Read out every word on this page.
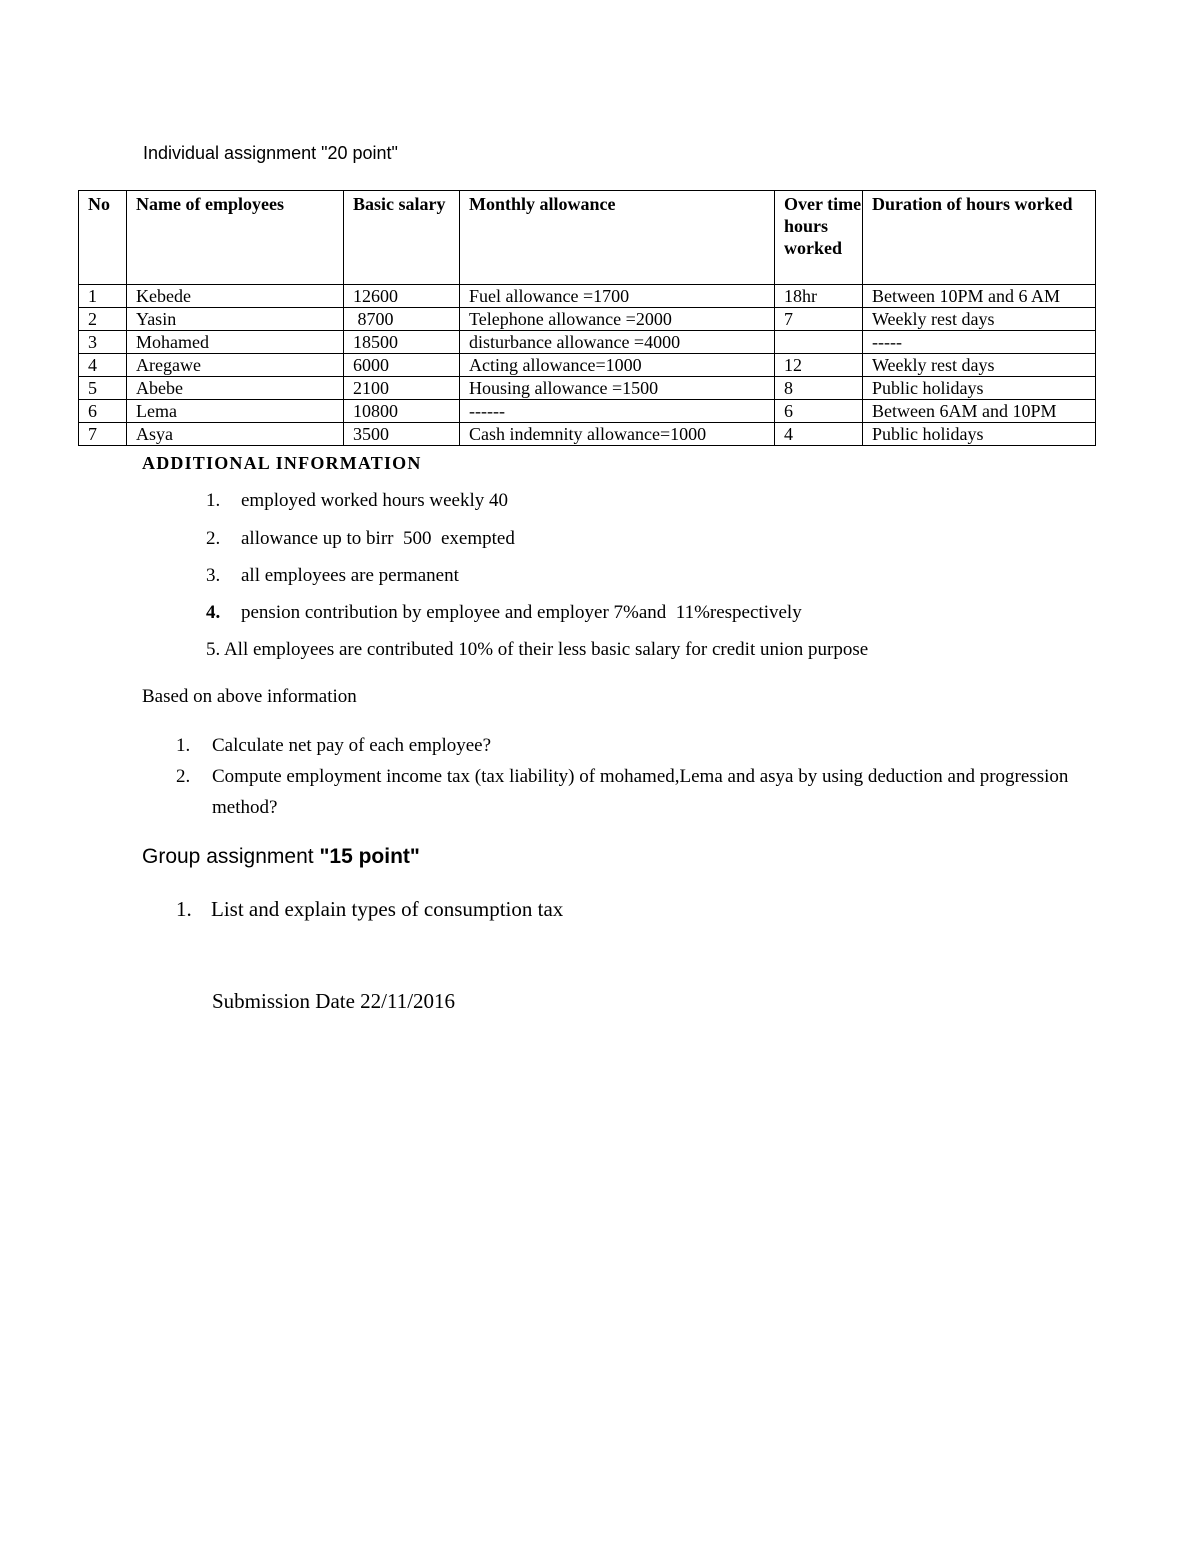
Individual assignment "20 point"
No	Name of employees	Basic salary	Monthly allowance	Over time hours worked	Duration of hours worked
1	Kebede	12600	Fuel allowance =1700	18hr	Between 10PM and 6 AM
2	Yasin	8700	Telephone allowance =2000	7	Weekly rest days
3	Mohamed	18500	disturbance allowance =4000		-----
4	Aregawe	6000	Acting allowance=1000	12	Weekly rest days
5	Abebe	2100	Housing allowance =1500	8	Public holidays
6	Lema	10800	------	6	Between 6AM and 10PM
7	Asya	3500	Cash indemnity allowance=1000	4	Public holidays
ADDITIONAL INFORMATION
1. employed worked hours weekly 40
2. allowance up to birr  500  exempted
3. all employees are permanent
4. pension contribution by employee and employer 7%and  11%respectively
5. All employees are contributed 10% of their less basic salary for credit union purpose
Based on above information
1. Calculate net pay of each employee?
2. Compute employment income tax (tax liability) of mohamed,Lema and asya by using deduction and progression method?
Group assignment "15 point"
1. List and explain types of consumption tax
Submission Date 22/11/2016
